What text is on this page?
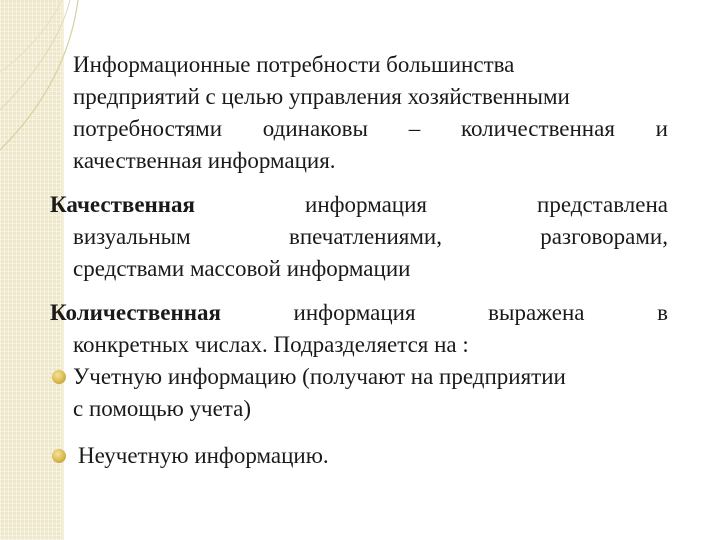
Информационные потребности большинства
предприятий с целью управления хозяйственными
потребностями одинаковы – количественная и
качественная информация.
Качественная	информация	представлена
визуальным	впечатлениями,	разговорами,
средствами массовой информации
Количественная	информация	выражена	в
конкретных числах. Подразделяется на :
Учетную информацию (получают на предприятии
с помощью учета)
Неучетную информацию.
